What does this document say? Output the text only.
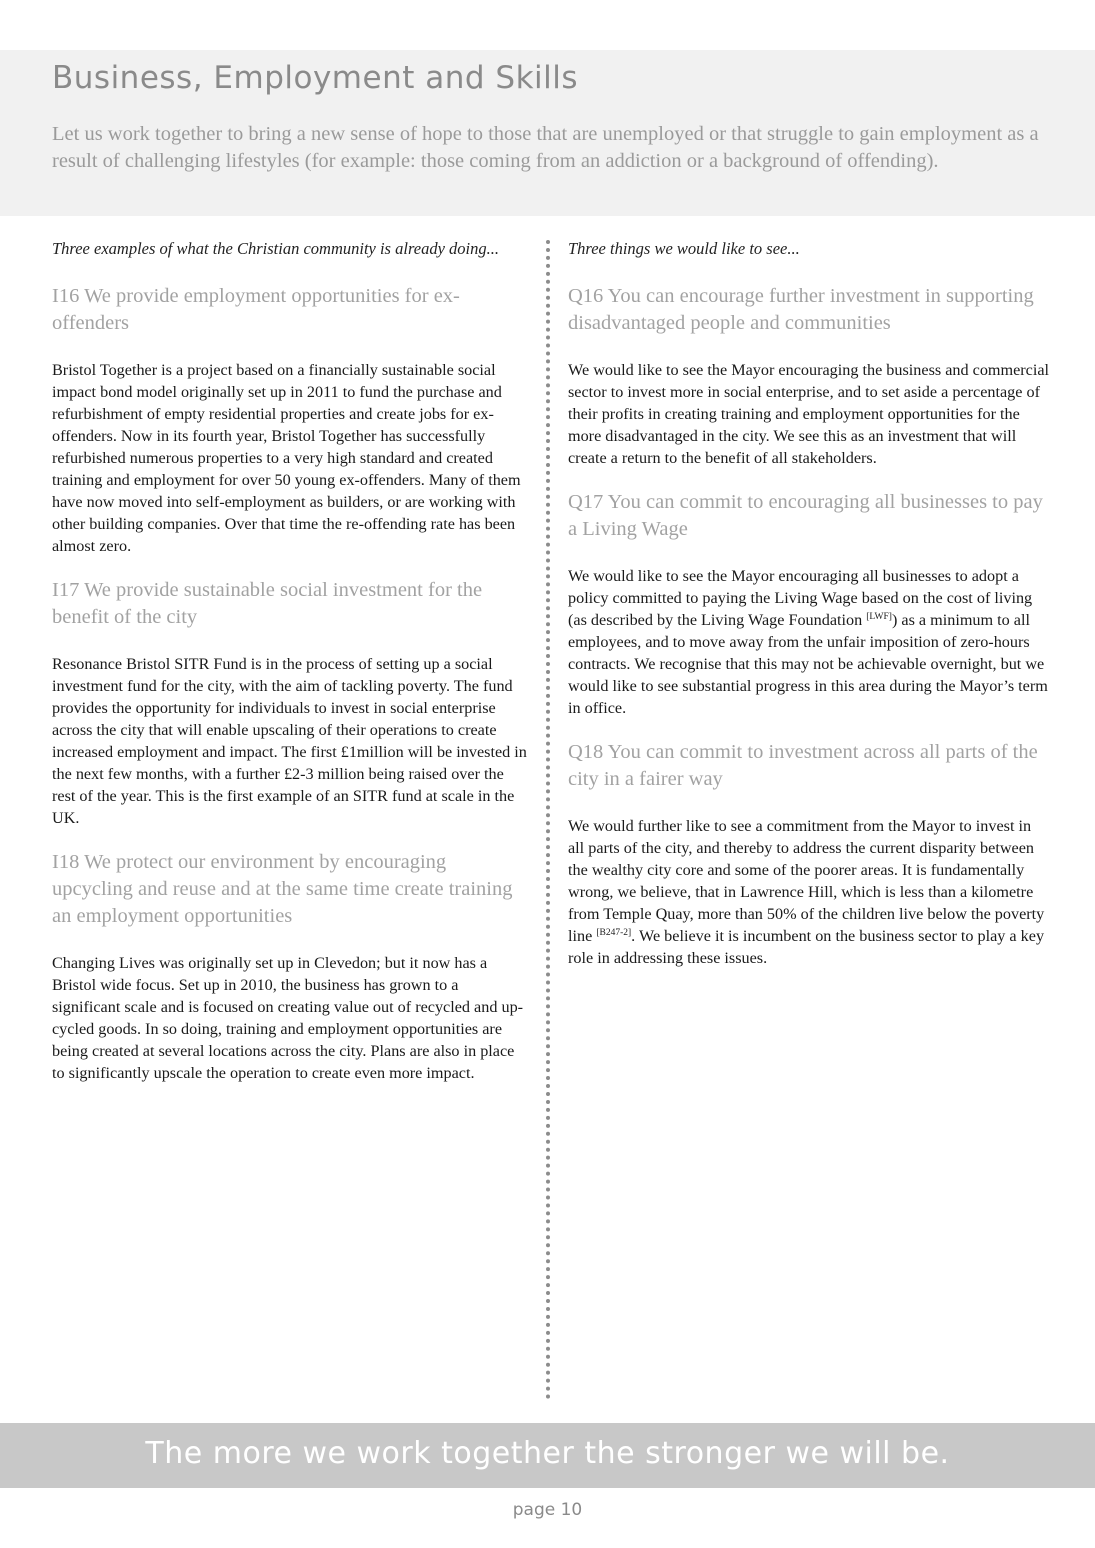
Business, Employment and Skills

Let us work together to bring a new sense of hope to those that are unemployed or that struggle to gain employment as a result of challenging lifestyles (for example: those coming from an addiction or a background of offending).

Three examples of what the Christian community is already doing...

I16 We provide employment opportunities for ex-offenders

Bristol Together is a project based on a financially sustainable social impact bond model originally set up in 2011 to fund the purchase and refurbishment of empty residential properties and create jobs for ex-offenders. Now in its fourth year, Bristol Together has successfully refurbished numerous properties to a very high standard and created training and employment for over 50 young ex-offenders. Many of them have now moved into self-employment as builders, or are working with other building companies. Over that time the re-offending rate has been almost zero.

I17 We provide sustainable social investment for the benefit of the city

Resonance Bristol SITR Fund is in the process of setting up a social investment fund for the city, with the aim of tackling poverty. The fund provides the opportunity for individuals to invest in social enterprise across the city that will enable upscaling of their operations to create increased employment and impact. The first £1million will be invested in the next few months, with a further £2-3 million being raised over the rest of the year. This is the first example of an SITR fund at scale in the UK.

I18 We protect our environment by encouraging upcycling and reuse and at the same time create training an employment opportunities

Changing Lives was originally set up in Clevedon; but it now has a Bristol wide focus. Set up in 2010, the business has grown to a significant scale and is focused on creating value out of recycled and up-cycled goods. In so doing, training and employment opportunities are being created at several locations across the city. Plans are also in place to significantly upscale the operation to create even more impact.

Three things we would like to see...

Q16 You can encourage further investment in supporting disadvantaged people and communities

We would like to see the Mayor encouraging the business and commercial sector to invest more in social enterprise, and to set aside a percentage of their profits in creating training and employment opportunities for the more disadvantaged in the city. We see this as an investment that will create a return to the benefit of all stakeholders.

Q17 You can commit to encouraging all businesses to pay a Living Wage

We would like to see the Mayor encouraging all businesses to adopt a policy committed to paying the Living Wage based on the cost of living (as described by the Living Wage Foundation [LWF]) as a minimum to all employees, and to move away from the unfair imposition of zero-hours contracts. We recognise that this may not be achievable overnight, but we would like to see substantial progress in this area during the Mayor’s term in office.

Q18 You can commit to investment across all parts of the city in a fairer way

We would further like to see a commitment from the Mayor to invest in all parts of the city, and thereby to address the current disparity between the wealthy city core and some of the poorer areas. It is fundamentally wrong, we believe, that in Lawrence Hill, which is less than a kilometre from Temple Quay, more than 50% of the children live below the poverty line [B247-2]. We believe it is incumbent on the business sector to play a key role in addressing these issues.

The more we work together the stronger we will be.
page 10
